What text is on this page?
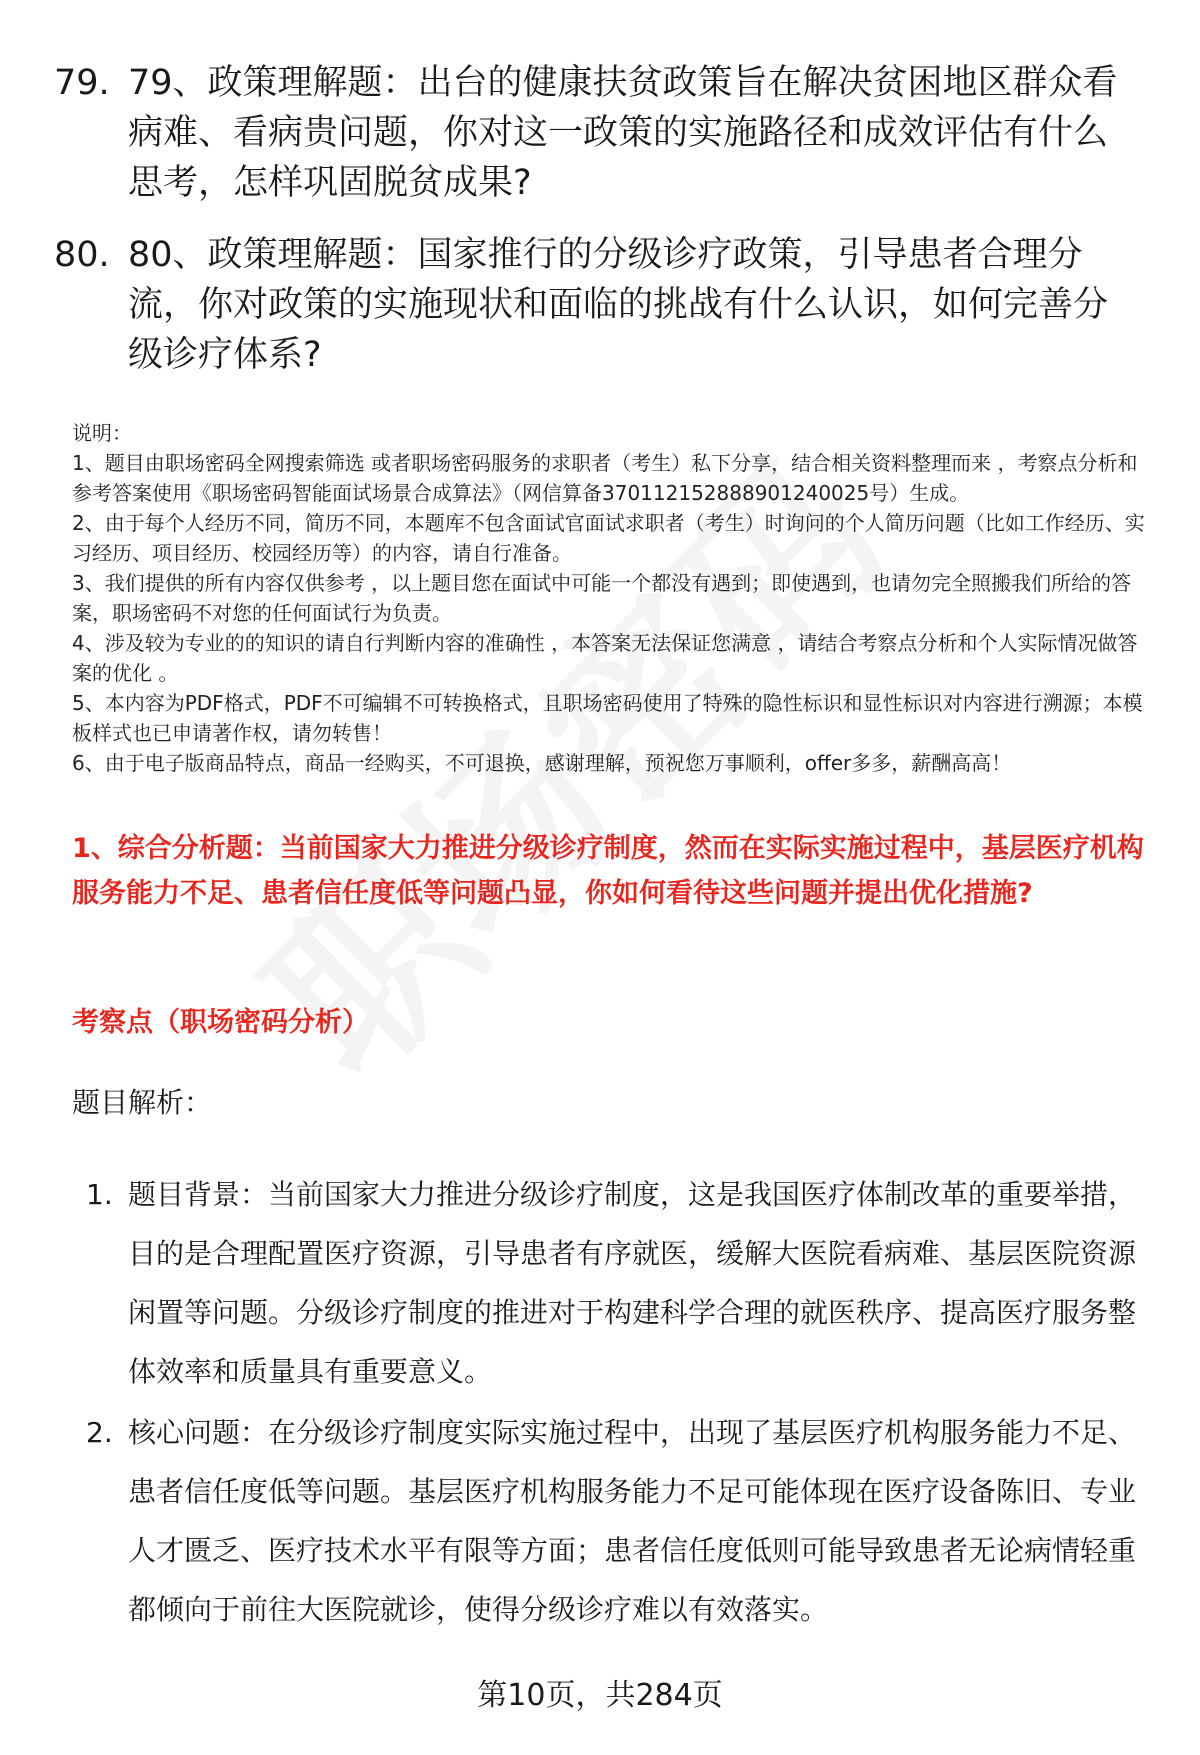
79. 79、政策理解题：出台的健康扶贫政策旨在解决贫困地区群众看病难、看病贵问题，你对这一政策的实施路径和成效评估有什么思考，怎样巩固脱贫成果?
80. 80、政策理解题：国家推行的分级诊疗政策，引导患者合理分流，你对政策的实施现状和面临的挑战有什么认识，如何完善分级诊疗体系?

说明：

1、题目由职场密码全网搜索筛选 或者职场密码服务的求职者（考生）私下分享，结合相关资料整理而来 ，考察点分析和参考答案使用《职场密码智能面试场景合成算法》（网信算备370112152888901240025号）生成。

2、由于每个人经历不同，简历不同，本题库不包含面试官面试求职者（考生）时询问的个人简历问题（比如工作经历、实习经历、项目经历、校园经历等）的内容，请自行准备。

3、我们提供的所有内容仅供参考 ，以上题目您在面试中可能一个都没有遇到；即使遇到，也请勿完全照搬我们所给的答案，职场密码不对您的任何面试行为负责。

4、涉及较为专业的的知识的请自行判断内容的准确性 ，本答案无法保证您满意 ，请结合考察点分析和个人实际情况做答案的优化 。

5、本内容为PDF格式，PDF不可编辑不可转换格式，且职场密码使用了特殊的隐性标识和显性标识对内容进行溯源；本模板样式也已申请著作权，请勿转售！

6、由于电子版商品特点，商品一经购买，不可退换，感谢理解，预祝您万事顺利，offer多多，薪酬高高！

1、综合分析题：当前国家大力推进分级诊疗制度，然而在实际实施过程中，基层医疗机构服务能力不足、患者信任度低等问题凸显，你如何看待这些问题并提出优化措施?
考察点（职场密码分析）
题目解析：
1. 题目背景：当前国家大力推进分级诊疗制度，这是我国医疗体制改革的重要举措，目的是合理配置医疗资源，引导患者有序就医，缓解大医院看病难、基层医院资源闲置等问题。分级诊疗制度的推进对于构建科学合理的就医秩序、提高医疗服务整体效率和质量具有重要意义。
2. 核心问题：在分级诊疗制度实际实施过程中，出现了基层医疗机构服务能力不足、患者信任度低等问题。基层医疗机构服务能力不足可能体现在医疗设备陈旧、专业人才匮乏、医疗技术水平有限等方面；患者信任度低则可能导致患者无论病情轻重都倾向于前往大医院就诊，使得分级诊疗难以有效落实。
第10页，共284页
